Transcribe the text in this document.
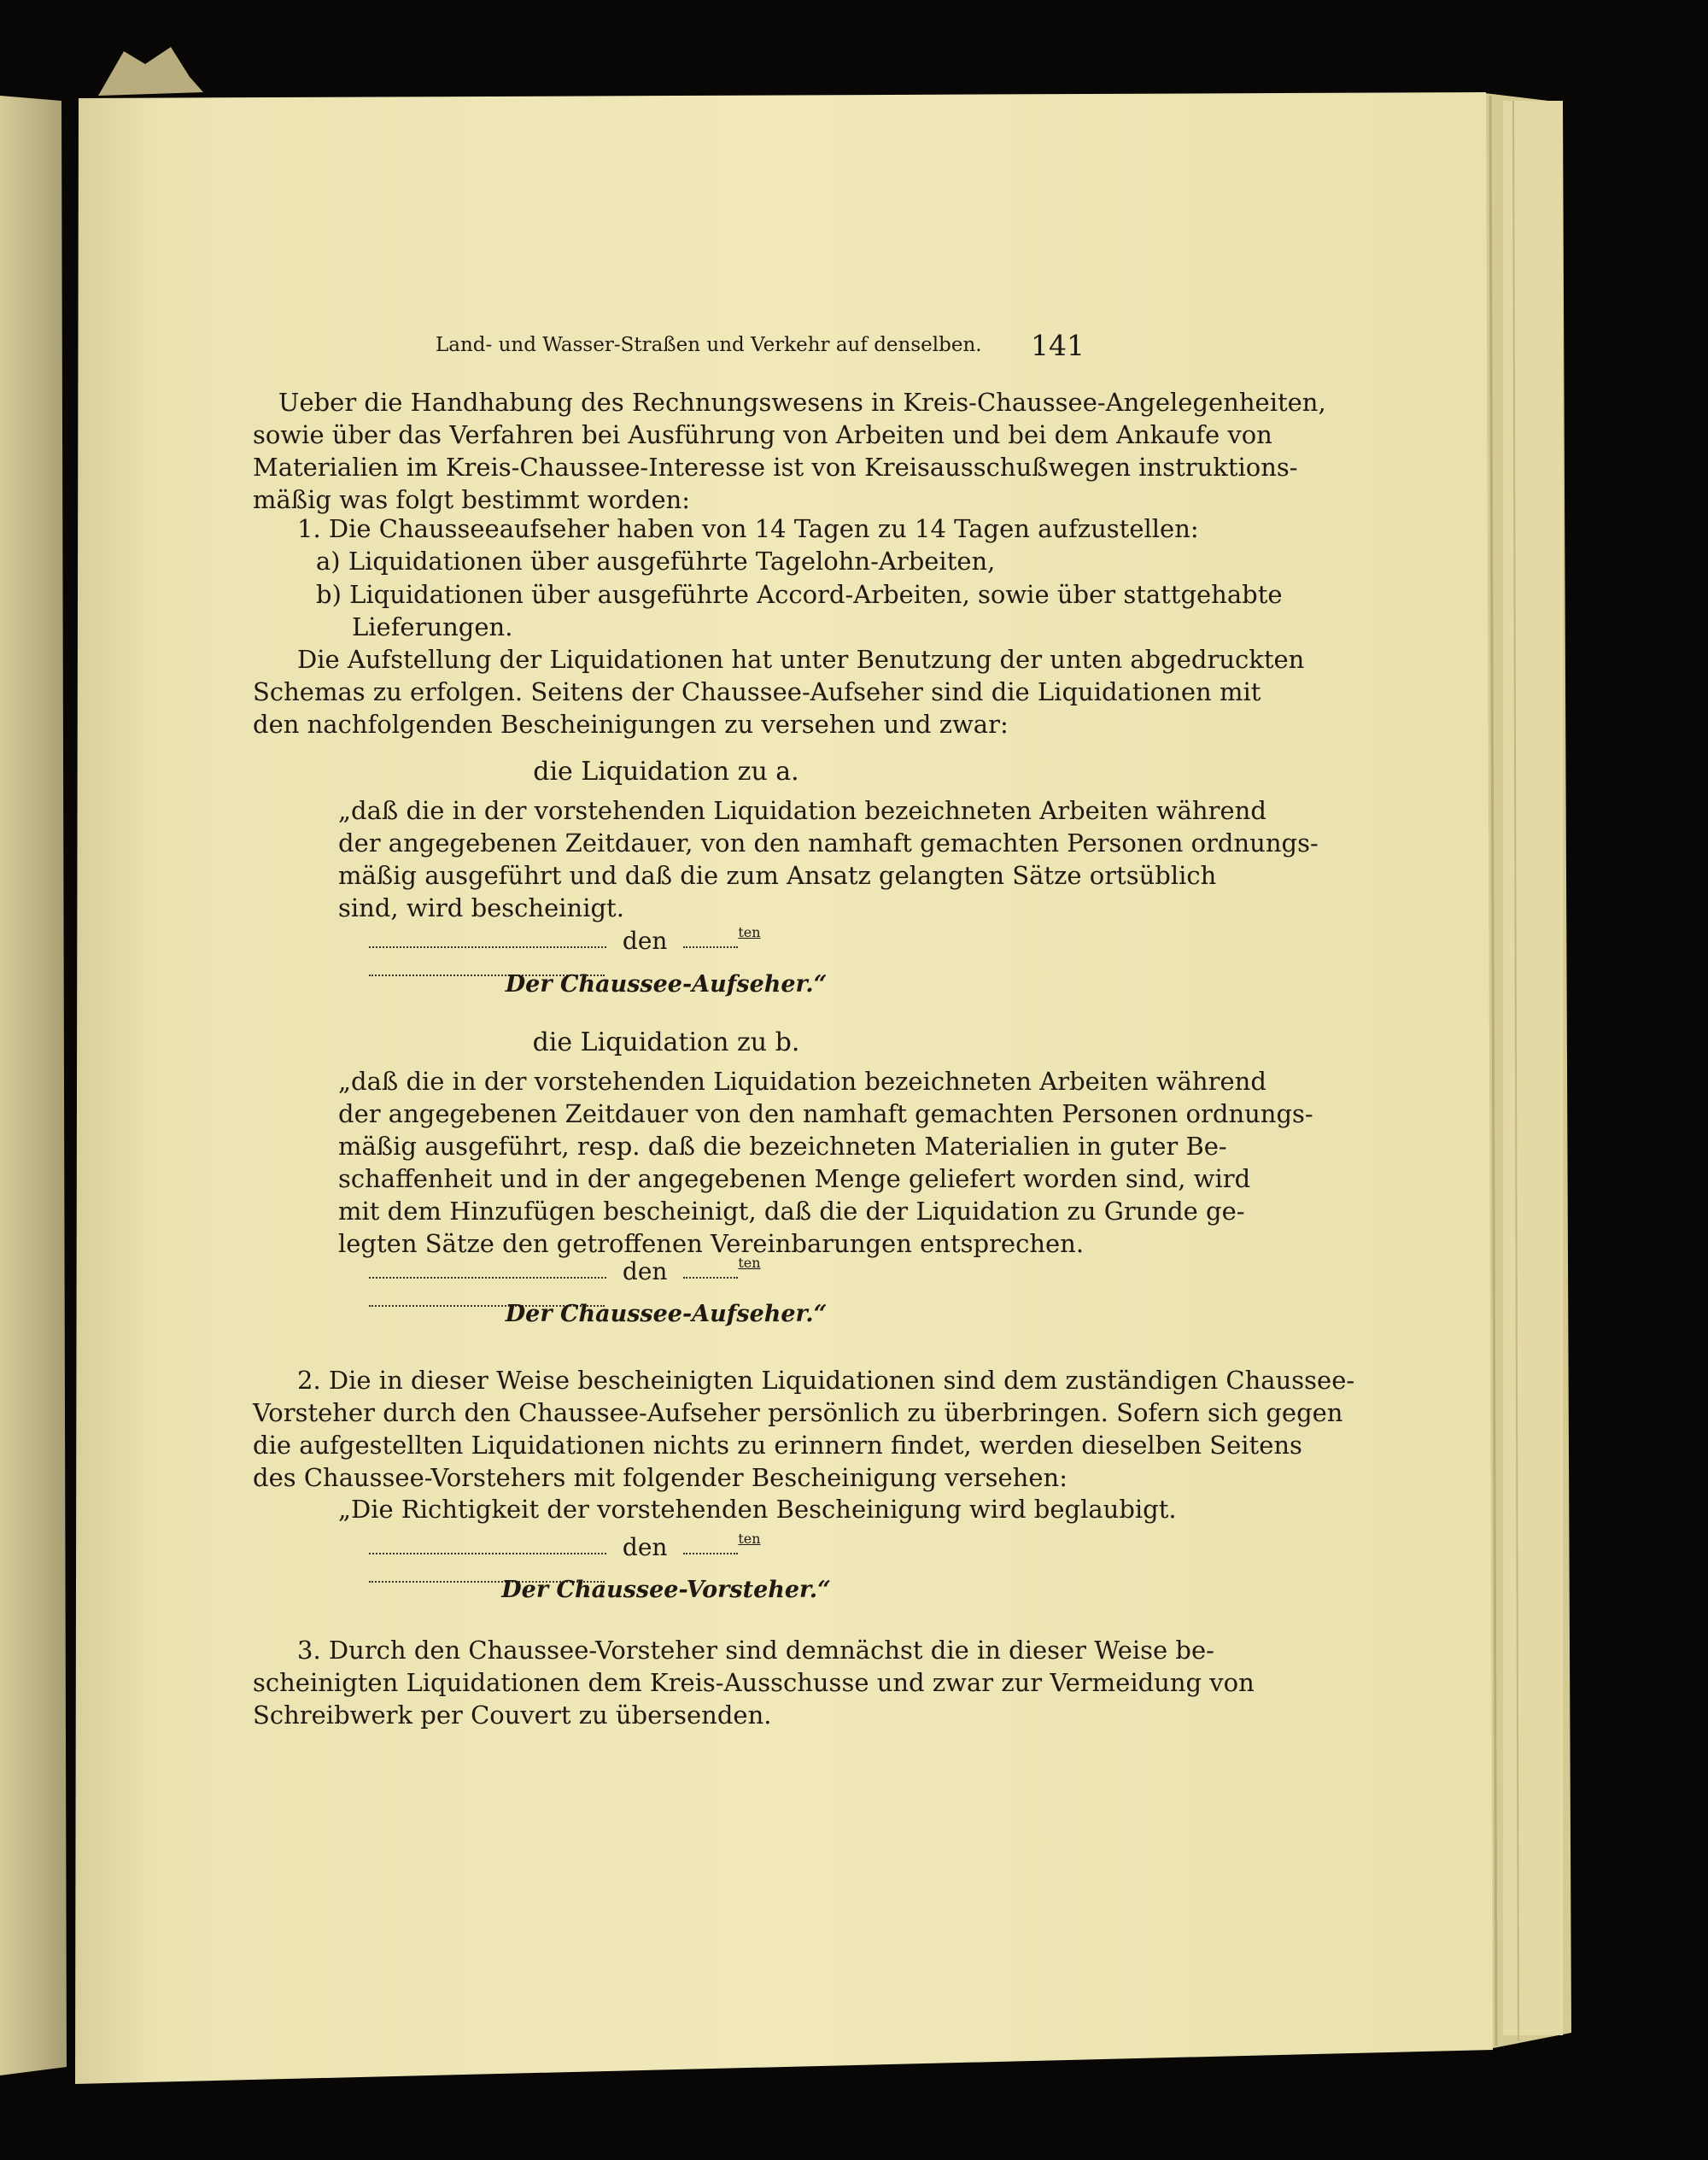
Land- und Wasser-Straßen und Verkehr auf denselben. 141
Ueber die Handhabung des Rechnungswesens in Kreis-Chaussee-Angelegenheiten,
sowie über das Verfahren bei Ausführung von Arbeiten und bei dem Ankaufe von
Materialien im Kreis-Chaussee-Interesse ist von Kreisausschußwegen instruktions-
mäßig was folgt bestimmt worden:
1. Die Chausseeaufseher haben von 14 Tagen zu 14 Tagen aufzustellen:
a) Liquidationen über ausgeführte Tagelohn-Arbeiten,
b) Liquidationen über ausgeführte Accord-Arbeiten, sowie über stattgehabte
Lieferungen.
Die Aufstellung der Liquidationen hat unter Benutzung der unten abgedruckten
Schemas zu erfolgen. Seitens der Chaussee-Aufseher sind die Liquidationen mit
den nachfolgenden Bescheinigungen zu versehen und zwar:
die Liquidation zu a.
„daß die in der vorstehenden Liquidation bezeichneten Arbeiten während
der angegebenen Zeitdauer, von den namhaft gemachten Personen ordnungs-
mäßig ausgeführt und daß die zum Ansatz gelangten Sätze ortsüblich
sind, wird bescheinigt.
den	$^{ten}$
Der Chaussee-Aufseher.“
die Liquidation zu b.
„daß die in der vorstehenden Liquidation bezeichneten Arbeiten während
der angegebenen Zeitdauer von den namhaft gemachten Personen ordnungs-
mäßig ausgeführt, resp. daß die bezeichneten Materialien in guter Be-
schaffenheit und in der angegebenen Menge geliefert worden sind, wird
mit dem Hinzufügen bescheinigt, daß die der Liquidation zu Grunde ge-
legten Sätze den getroffenen Vereinbarungen entsprechen.
den	$^{ten}$
Der Chaussee-Aufseher.“
2. Die in dieser Weise bescheinigten Liquidationen sind dem zuständigen Chaussee-
Vorsteher durch den Chaussee-Aufseher persönlich zu überbringen. Sofern sich gegen
die aufgestellten Liquidationen nichts zu erinnern findet, werden dieselben Seitens
des Chaussee-Vorstehers mit folgender Bescheinigung versehen:
„Die Richtigkeit der vorstehenden Bescheinigung wird beglaubigt.
den	$^{ten}$
Der Chaussee-Vorsteher.“
3. Durch den Chaussee-Vorsteher sind demnächst die in dieser Weise be-
scheinigten Liquidationen dem Kreis-Ausschusse und zwar zur Vermeidung von
Schreibwerk per Couvert zu übersenden.
